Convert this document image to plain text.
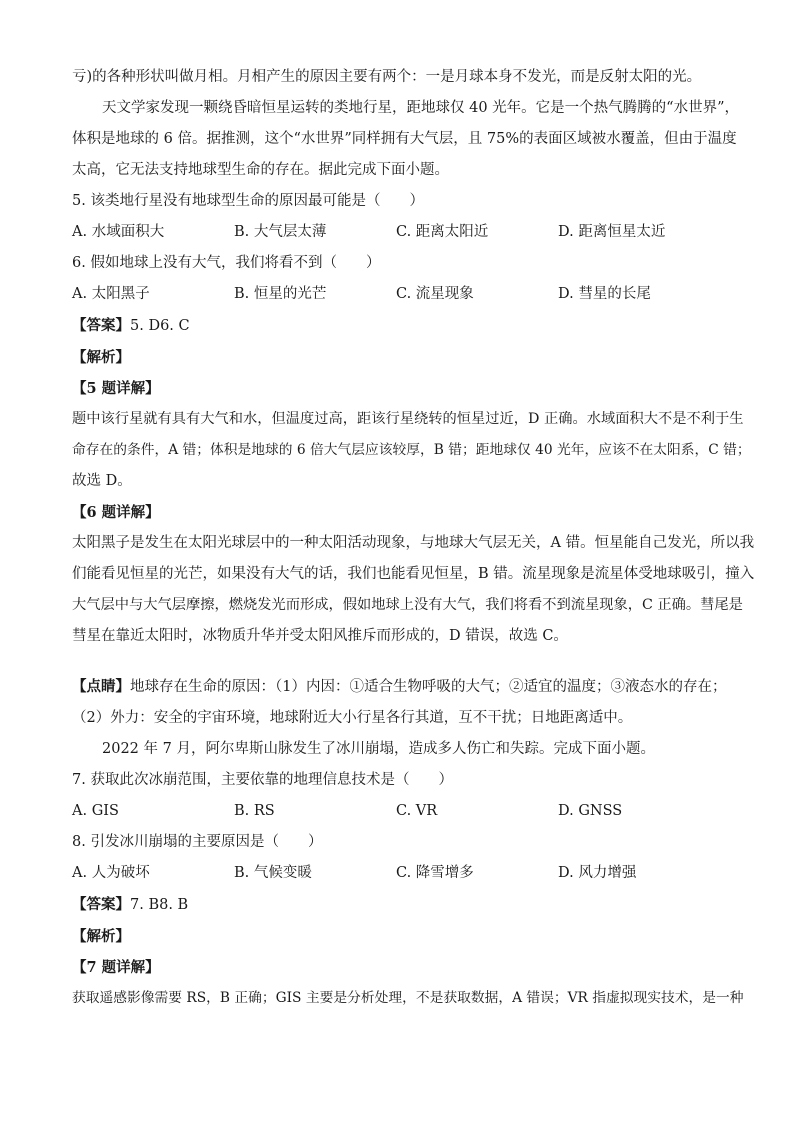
亏)的各种形状叫做月相。月相产生的原因主要有两个：一是月球本身不发光，而是反射太阳的光。

天文学家发现一颗绕昏暗恒星运转的类地行星，距地球仅 40 光年。它是一个热气腾腾的“水世界”，

体积是地球的 6 倍。据推测，这个“水世界”同样拥有大气层，且 75%的表面区域被水覆盖，但由于温度

太高，它无法支持地球型生命的存在。据此完成下面小题。

5. 该类地行星没有地球型生命的原因最可能是（　　）

A. 水域面积大	B. 大气层太薄	C. 距离太阳近	D. 距离恒星太近

6. 假如地球上没有大气，我们将看不到（　　）

A. 太阳黑子	B. 恒星的光芒	C. 流星现象	D. 彗星的长尾

【答案】5. D6. C

【解析】

【5 题详解】

题中该行星就有具有大气和水，但温度过高，距该行星绕转的恒星过近，D 正确。水域面积大不是不利于生

命存在的条件，A 错；体积是地球的 6 倍大气层应该较厚，B 错；距地球仅 40 光年，应该不在太阳系，C 错；

故选 D。

【6 题详解】

太阳黑子是发生在太阳光球层中的一种太阳活动现象，与地球大气层无关，A 错。恒星能自己发光，所以我

们能看见恒星的光芒，如果没有大气的话，我们也能看见恒星，B 错。流星现象是流星体受地球吸引，撞入

大气层中与大气层摩擦，燃烧发光而形成，假如地球上没有大气，我们将看不到流星现象，C 正确。彗尾是

彗星在靠近太阳时，冰物质升华并受太阳风推斥而形成的，D 错误，故选 C。

【点睛】地球存在生命的原因：（1）内因：①适合生物呼吸的大气；②适宜的温度；③液态水的存在；

（2）外力：安全的宇宙环境，地球附近大小行星各行其道，互不干扰；日地距离适中。

2022 年 7 月，阿尔卑斯山脉发生了冰川崩塌，造成多人伤亡和失踪。完成下面小题。

7. 获取此次冰崩范围，主要依靠的地理信息技术是（　　）

A. GIS	B. RS	C. VR	D. GNSS

8. 引发冰川崩塌的主要原因是（　　）

A. 人为破坏	B. 气候变暖	C. 降雪增多	D. 风力增强

【答案】7. B8. B

【解析】

【7 题详解】

获取遥感影像需要 RS，B 正确；GIS 主要是分析处理，不是获取数据，A 错误；VR 指虚拟现实技术，是一种
